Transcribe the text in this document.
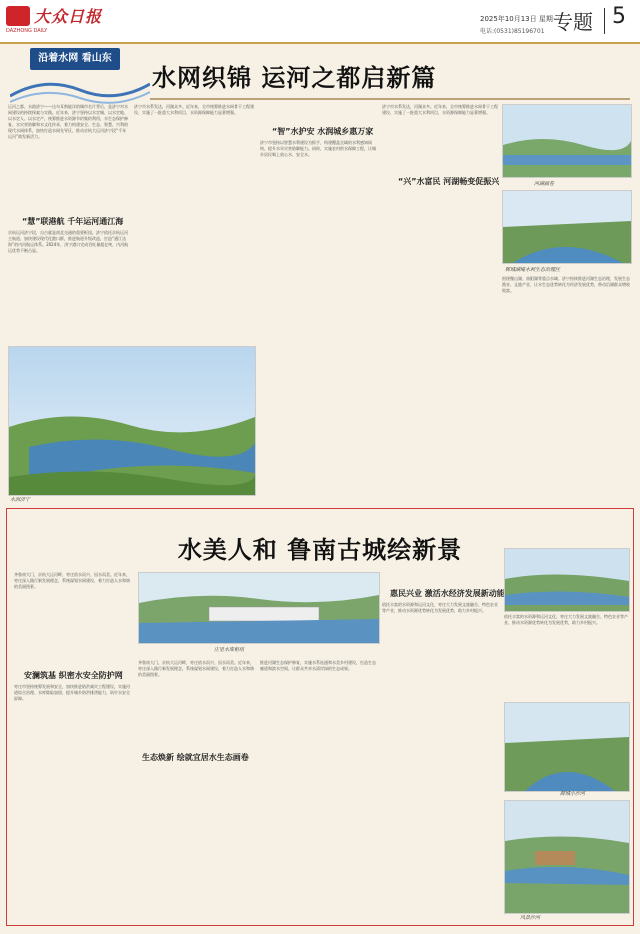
大众日报
DAZHONG DAILY
2025年10月13日 星期一
电话:(0531)85196701 专题 5
沿着水网 看山东
水网织锦 运河之都启新篇
运河之都、水韵济宁——这句耳熟能详的城市名片背后，是济宁对水网建设的持续探索与实践。近年来，济宁坚持以水定城、以水定地、以水定人、以水定产，统筹推进水资源节约集约利用、水生态保护修复、水灾害防御和水文化传承，着力构建安全、生态、智慧、兴利的现代水网体系，加快打造水网先导区，推动京杭大运河济宁段“千年运河”焕发新活力。
“慧”联港航 千年运河通江海
京杭运河济宁段，自古就是南北交通的重要枢纽。济宁依托京杭运河主航道，加快建设现代化港口群，推进航道升级改造，打造“通江达海”的内河航运体系。2024年，济宁港口完成吞吐量超亿吨，内河航运优势不断凸显。
济宁市水系发达，河湖众多。近年来，全市统筹推进水网骨干工程建设，实施了一批重大水利项目，水资源保障能力显著增强。
“智”水护安 水润城乡惠万家
济宁市坚持以智慧水利建设为抓手，构建覆盖全域的水利感知网络，提升水旱灾害防御能力。同时，实施农村供水保障工程，让城乡居民喝上放心水、安全水。
济宁市水系发达，河湖众多。近年来，全市统筹推进水网骨干工程建设，实施了一批重大水利项目，水资源保障能力显著增强。
“兴”水富民 河湖畅变促振兴
水润济宁
河湖画卷
鄄城湖堤水利生态治理区
围绕微山湖、南阳湖等重点水域，济宁持续推进河湖生态治理，发展生态渔业、文旅产业，让水生态优势转化为经济发展优势，带动沿湖群众增收致富。
水美人和 鲁南古城绘新景
齐鲁南大门，京杭大运河畔，枣庄依水而兴、因水而美。近年来，枣庄深入践行新发展理念，系统谋划水网建设，着力打造人水和谐的美丽图景。
安澜筑基 织密水安全防护网
枣庄市坚持统筹发展和安全，加快推进防洪减灾工程建设，实施河道综合治理、水库除险加固，提升城乡防洪排涝能力，筑牢水安全屏障。
庄里水库枢纽
齐鲁南大门，京杭大运河畔，枣庄依水而兴、因水而美。近年来，枣庄深入践行新发展理念，系统谋划水网建设，着力打造人水和谐的美丽图景。
生态焕新 绘就宜居水生态画卷
推进河湖生态保护修复，实施水系连通和水美乡村建设，打造生态廊道和滨水空间，让群众共享水清岸绿的生态成果。
惠民兴业 激活水经济发展新动能
依托丰富的水资源和运河文化，枣庄大力发展文旅融合、特色农业等产业，推动水资源优势转化为发展优势，助力乡村振兴。
依托丰富的水资源和运河文化，枣庄大力发展文旅融合、特色农业等产业，推动水资源优势转化为发展优势，助力乡村振兴。
薛城小沙河
风景沙河
